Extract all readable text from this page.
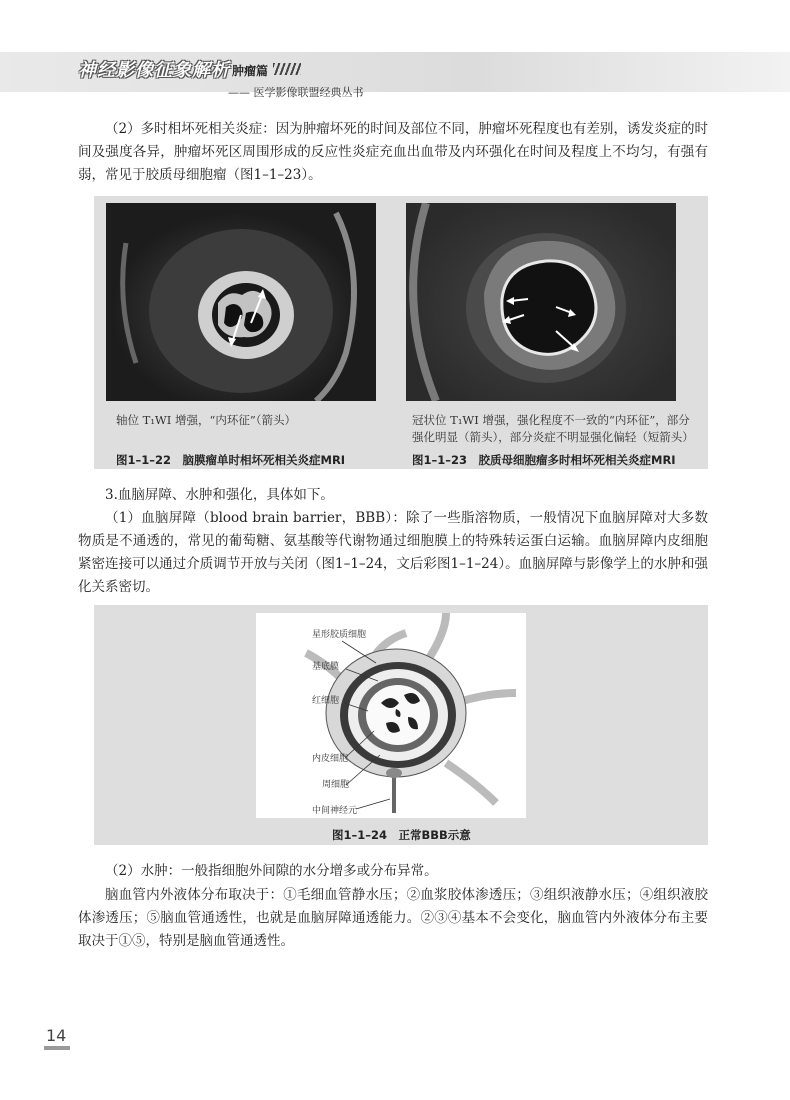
神经影像征象解析 肿瘤篇
—— 医学影像联盟经典丛书

（2）多时相坏死相关炎症：因为肿瘤坏死的时间及部位不同，肿瘤坏死程度也有差别，诱发炎症的时间及强度各异，肿瘤坏死区周围形成的反应性炎症充血出血带及内环强化在时间及程度上不均匀，有强有弱，常见于胶质母细胞瘤（图1–1–23）。

轴位 T₁WI 增强，“内环征”（箭头）
图1–1–22　脑膜瘤单时相坏死相关炎症MRI
冠状位 T₁WI 增强，强化程度不一致的“内环征”，部分
强化明显（箭头），部分炎症不明显强化偏轻（短箭头）
图1–1–23　胶质母细胞瘤多时相坏死相关炎症MRI

3.血脑屏障、水肿和强化，具体如下。

（1）血脑屏障（blood brain barrier，BBB）：除了一些脂溶物质，一般情况下血脑屏障对大多数物质是不通透的，常见的葡萄糖、氨基酸等代谢物通过细胞膜上的特殊转运蛋白运输。血脑屏障内皮细胞紧密连接可以通过介质调节开放与关闭（图1–1–24，文后彩图1–1–24）。血脑屏障与影像学上的水肿和强化关系密切。

星形胶质细胞
基底膜
红细胞
内皮细胞
周细胞
中间神经元
图1–1–24　正常BBB示意

（2）水肿：一般指细胞外间隙的水分增多或分布异常。

脑血管内外液体分布取决于：①毛细血管静水压；②血浆胶体渗透压；③组织液静水压；④组织液胶体渗透压；⑤脑血管通透性，也就是血脑屏障通透能力。②③④基本不会变化，脑血管内外液体分布主要取决于①⑤，特别是脑血管通透性。

14
